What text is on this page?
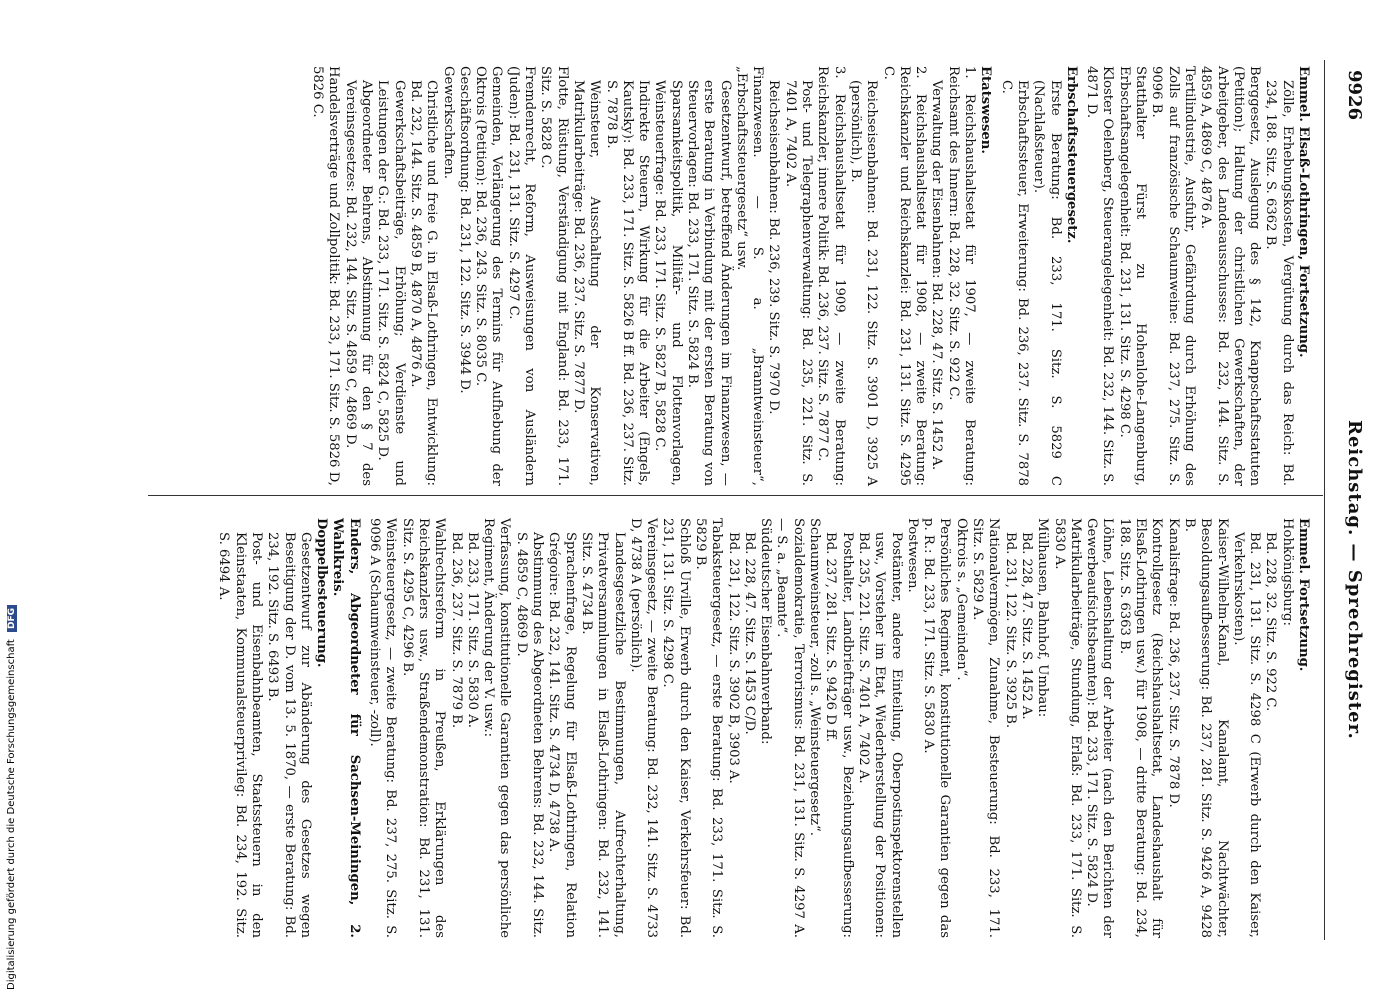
9926
Reichstag. — Sprechregister.

Emmel. Elsaß-Lothringen, Fortsetzung.

Zölle, Erhebungskosten, Vergütung durch das Reich: Bd. 234, 188. Sitz. S. 6362 B.

Berggesetz, Auslegung des § 142, Knappschaftsstatuten (Petition); Haltung der christlichen Gewerkschaften, der Arbeitgeber, des Landesausschusses: Bd. 232, 144. Sitz. S. 4859 A, 4869 C, 4876 A.

Tertilindustrie, Ausfuhr, Gefährdung durch Erhöhung des Zolls auf französische Schaumweine: Bd. 237, 275. Sitz. S. 9096 B.

Statthalter Fürst zu Hohenlohe-Langenburg, Erbschaftsangelegenheit: Bd. 231, 131. Sitz. S. 4298 C.

Kloster Oelenberg, Steuerangelegenheit: Bd. 232, 144. Sitz. S. 4871 D.

Erbschaftssteuergesetz.

Erste Beratung: Bd. 233, 171. Sitz. S. 5829 C (Nachlaßsteuer).

Erbschaftssteuer, Erweiterung: Bd. 236, 237. Sitz. S. 7878 C.

Etatswesen.

1. Reichshaushaltsetat für 1907, — zweite Beratung: Reichsamt des Innern: Bd. 228, 32. Sitz. S. 922 C.

Verwaltung der Eisenbahnen: Bd. 228, 47. Sitz. S. 1452 A.

2. Reichshaushaltsetat für 1908, — zweite Beratung: Reichskanzler und Reichskanzlei: Bd. 231, 131. Sitz. S. 4295 C.

Reichseisenbahnen: Bd. 231, 122. Sitz. S. 3901 D, 3925 A (persönlich), B.

3. Reichshaushaltsetat für 1909, — zweite Beratung: Reichskanzler, innere Politik: Bd. 236, 237. Sitz. S. 7877 C.

Post- und Telegraphenverwaltung: Bd. 235, 221. Sitz. S. 7401 A, 7402 A.

Reichseisenbahnen: Bd. 236, 239. Sitz. S. 7970 D.

Finanzwesen. — S. a. „Branntweinsteuer“, „Erbschaftssteuergesetz“ usw.

Gesetzentwurf, betreffend Änderungen im Finanzwesen, — erste Beratung in Verbindung mit der ersten Beratung von Steuervorlagen: Bd. 233, 171. Sitz. S. 5824 B.

Sparsamkeitspolitik, Militär- und Flottenvorlagen, Weinsteuerfrage: Bd. 233, 171. Sitz. S. 5827 B, 5828 C.

Indirekte Steuern, Wirkung für die Arbeiter (Engels, Kautsky): Bd. 233, 171. Sitz. S. 5826 B ff. Bd. 236, 237. Sitz. S. 7878 B.

Weinsteuer, Ausschaltung der Konservativen, Matrikularbeiträge: Bd. 236, 237. Sitz. S. 7877 D.

Flotte, Rüstung, Verständigung mit England: Bd. 233, 171. Sitz. S. 5828 C.

Fremdenrecht, Reform, Ausweisungen von Ausländern (Juden): Bd. 231, 131. Sitz. S. 4297 C.

Gemeinden, Verlängerung des Termins für Aufhebung der Oktrois (Petition): Bd. 236, 243. Sitz. S. 8035 C.

Geschäftsordnung: Bd. 231, 122. Sitz. S. 3944 D.

Gewerkschaften.

Christliche und freie G. in Elsaß-Lothringen, Entwicklung: Bd. 232, 144. Sitz. S. 4859 B, 4870 A, 4876 A.

Gewerkschaftsbeiträge, Erhöhung; Verdienste und Leistungen der G.: Bd. 233, 171. Sitz. S. 5824 C, 5825 D.

Abgeordneter Behrens, Abstimmung für den § 7 des Vereinsgesetzes: Bd. 232, 144. Sitz. S. 4859 C, 4869 D.

Handelsverträge und Zollpolitik: Bd. 233, 171. Sitz. S. 5826 D, 5826 C.

Emmel. Fortsetzung.

Hohkönigsburg:

Bd. 228, 32. Sitz. S. 922 C.

Bd. 231, 131. Sitz. S. 4298 C (Erwerb durch den Kaiser, Verkehrskosten).

Kaiser-Wilhelm-Kanal, Kanalamt, Nachtwächter, Besoldungsaufbesserung: Bd. 237, 281. Sitz. S. 9426 A, 9428 B.

Kanalisfrage: Bd. 236, 237. Sitz. S. 7878 D.

Kontrollgesetz (Reichshaushaltsetat, Landeshaushalt für Elsaß-Lothringen usw.) für 1908, — dritte Beratung: Bd. 234, 188. Sitz. S. 6363 B.

Löhne, Lebenshaltung der Arbeiter (nach den Berichten der Gewerbeaufsichtsbeamten): Bd. 233, 171. Sitz. S. 5824 D.

Matrikularbeiträge, Stundung, Erlaß: Bd. 233, 171. Sitz. S. 5830 A.

Mülhausen, Bahnhof, Umbau:

Bd. 228, 47. Sitz. S. 1452 A.

Bd. 231, 122. Sitz. S. 3925 B.

Nationalvermögen, Zunahme, Besteuerung: Bd. 233, 171. Sitz. S. 5829 A.

Oktrois s. „Gemeinden“.

Persönliches Regiment, konstitutionelle Garantien gegen das p. R.: Bd. 233, 171. Sitz. S. 5830 A.

Postwesen.

Postämter, andere Einteilung, Oberpostinspektorenstellen usw., Vorsteher im Etat, Wiederherstellung der Positionen: Bd. 235, 221. Sitz. S. 7401 A, 7402 A.

Posthalter, Landbriefträger usw., Beziehungsaufbesserung: Bd. 237, 281. Sitz. S. 9426 D ff.

Schaumweinsteuer, -zoll s. „Weinsteuergesetz“.

Sozialdemokratie, Terrorismus: Bd. 231, 131. Sitz. S. 4297 A. — S. a. „Beamte“.

Süddeutscher Eisenbahnverband:

Bd. 228, 47. Sitz. S. 1453 C/D.

Bd. 231, 122. Sitz. S. 3902 B, 3903 A.

Tabaksteuergesetz, — erste Beratung: Bd. 233, 171. Sitz. S. 5829 B.

Schloß Urville, Erwerb durch den Kaiser, Verkehrsfeuer: Bd. 231, 131. Sitz. S. 4298 C.

Vereinsgesetz, — zweite Beratung: Bd. 232, 141. Sitz. S. 4733 D, 4738 A (persönlich).

Landesgesetzliche Bestimmungen, Aufrechterhaltung, Privatversammlungen in Elsaß-Lothringen: Bd. 232, 141. Sitz. S. 4734 B.

Sprachenfrage, Regelung für Elsaß-Lothringen, Relation Grégoire: Bd. 232, 141. Sitz. S. 4734 D, 4738 A.

Abstimmung des Abgeordneten Behrens: Bd. 232, 144. Sitz. S. 4859 C, 4869 D.

Verfassung, konstitutionelle Garantien gegen das persönliche Regiment, Änderung der V. usw.:

Bd. 233, 171. Sitz. S. 5830 A.

Bd. 236, 237. Sitz. S. 7879 B.

Wahlrechtsreform in Preußen, Erklärungen des Reichskanzlers usw., Straßendemonstration: Bd. 231, 131. Sitz. S. 4295 C, 4296 B.

Weinsteuergesetz, — zweite Beratung: Bd. 237, 275. Sitz. S. 9096 A (Schaumweinsteuer, -zoll).

Enders, Abgeordneter für Sachsen-Meiningen, 2. Wahlkreis.

Doppelbesteuerung.

Gesetzentwurf zur Abänderung des Gesetzes wegen Beseitigung der D. vom 13. 5. 1870, — erste Beratung: Bd. 234, 192. Sitz. S. 6493 B.

Post- und Eisenbahnbeamten, Staatssteuern in den Kleinstaaten, Kommunalsteuerprivileg: Bd. 234, 192. Sitz. S. 6494 A.

Digitalisierung gefördert durch die Deutsche Forschungsgemeinschaft DFG
